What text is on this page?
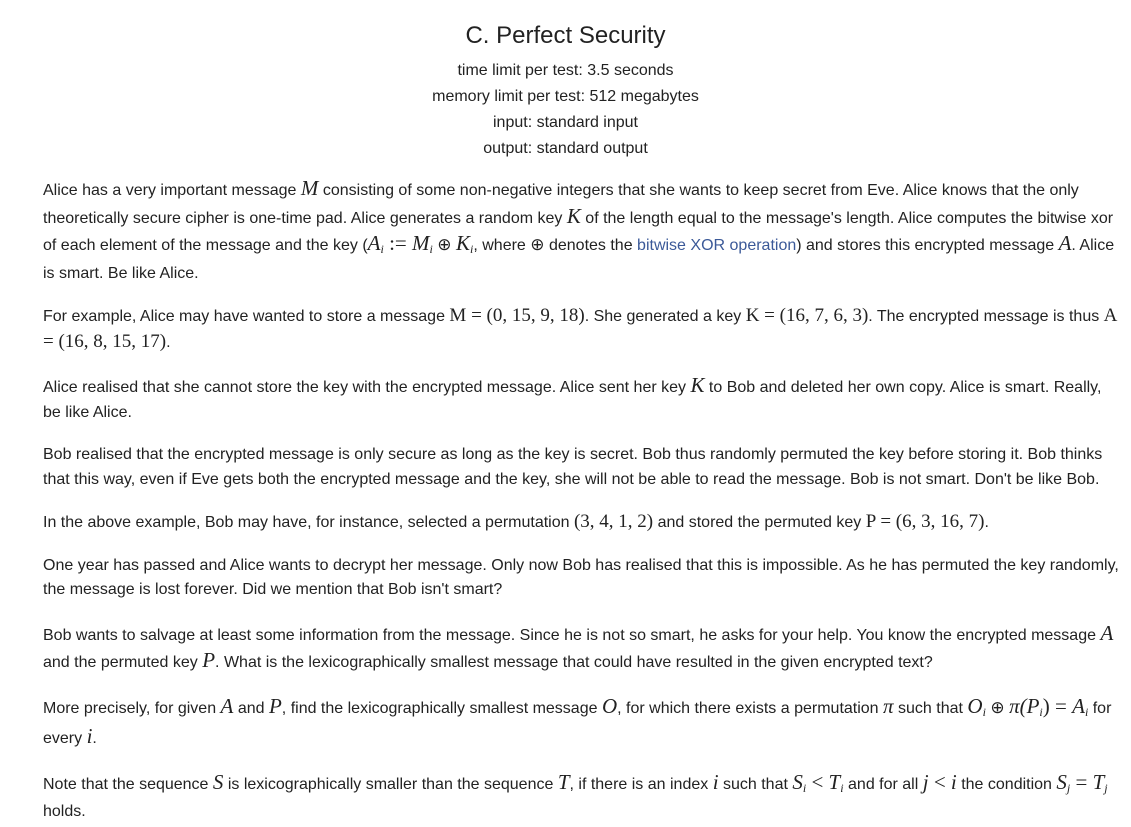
C. Perfect Security
time limit per test: 3.5 seconds
memory limit per test: 512 megabytes
input: standard input
output: standard output

Alice has a very important message M consisting of some non-negative integers that she wants to keep secret from Eve. Alice knows that the only theoretically secure cipher is one-time pad. Alice generates a random key K of the length equal to the message's length. Alice computes the bitwise xor of each element of the message and the key ($A_i$ := $M_i$ ⊕ $K_i$, where ⊕ denotes the bitwise XOR operation) and stores this encrypted message A. Alice is smart. Be like Alice.

For example, Alice may have wanted to store a message M = (0, 15, 9, 18). She generated a key K = (16, 7, 6, 3). The encrypted message is thus A = (16, 8, 15, 17).

Alice realised that she cannot store the key with the encrypted message. Alice sent her key K to Bob and deleted her own copy. Alice is smart. Really, be like Alice.

Bob realised that the encrypted message is only secure as long as the key is secret. Bob thus randomly permuted the key before storing it. Bob thinks that this way, even if Eve gets both the encrypted message and the key, she will not be able to read the message. Bob is not smart. Don't be like Bob.

In the above example, Bob may have, for instance, selected a permutation (3, 4, 1, 2) and stored the permuted key P = (6, 3, 16, 7).

One year has passed and Alice wants to decrypt her message. Only now Bob has realised that this is impossible. As he has permuted the key randomly, the message is lost forever. Did we mention that Bob isn't smart?

Bob wants to salvage at least some information from the message. Since he is not so smart, he asks for your help. You know the encrypted message A and the permuted key P. What is the lexicographically smallest message that could have resulted in the given encrypted text?

More precisely, for given A and P, find the lexicographically smallest message O, for which there exists a permutation π such that $O_i$ ⊕ $\pi(P_i) = A_i$ for every i.

Note that the sequence S is lexicographically smaller than the sequence T, if there is an index i such that $S_i < T_i$ and for all j < i the condition $S_j = T_j$ holds.
